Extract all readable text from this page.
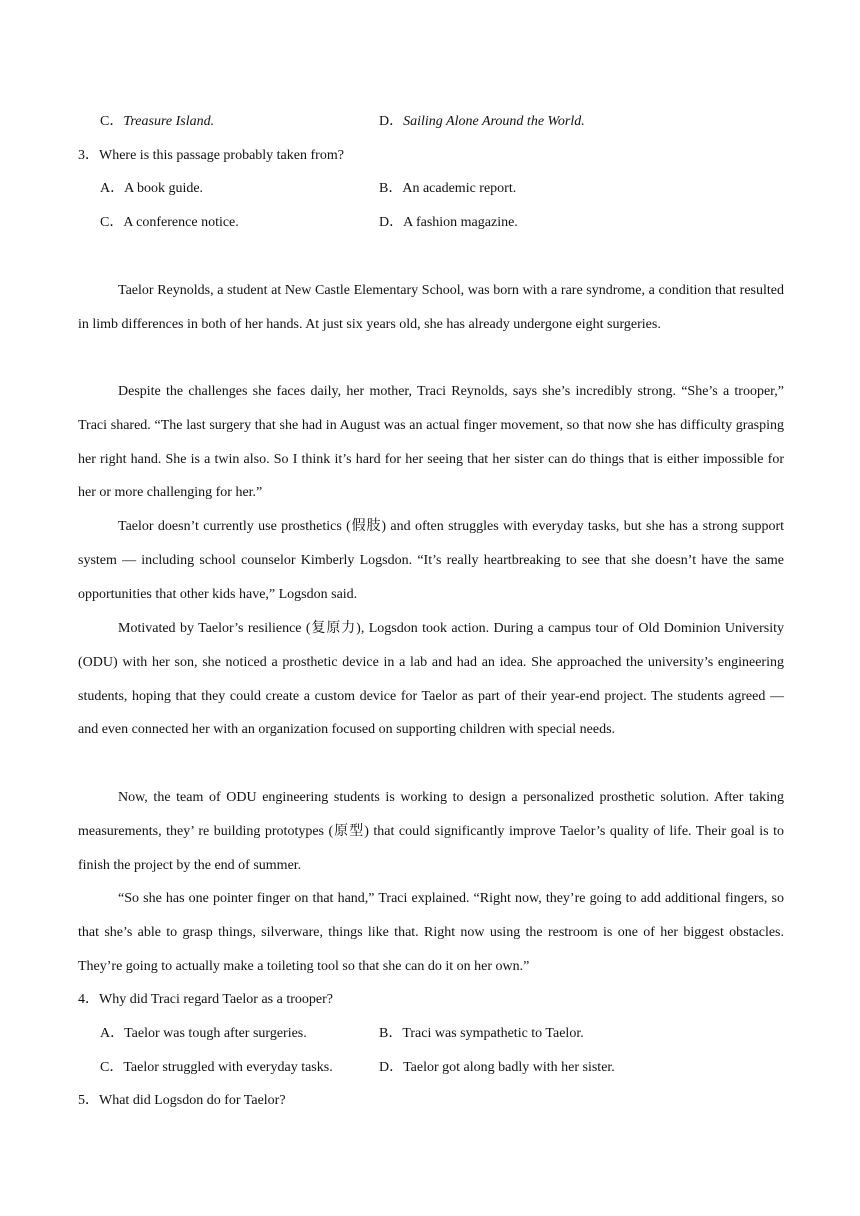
C．Treasure Island.	D．Sailing Alone Around the World.
3．Where is this passage probably taken from?
A．A book guide.	B．An academic report.
C．A conference notice.	D．A fashion magazine.

Taelor Reynolds, a student at New Castle Elementary School, was born with a rare syndrome, a condition that resulted in limb differences in both of her hands. At just six years old, she has already undergone eight surgeries.

Despite the challenges she faces daily, her mother, Traci Reynolds, says she’s incredibly strong. “She’s a trooper,” Traci shared. “The last surgery that she had in August was an actual finger movement, so that now she has difficulty grasping her right hand. She is a twin also. So I think it’s hard for her seeing that her sister can do things that is either impossible for her or more challenging for her.”

Taelor doesn’t currently use prosthetics (假肢) and often struggles with everyday tasks, but she has a strong support system — including school counselor Kimberly Logsdon. “It’s really heartbreaking to see that she doesn’t have the same opportunities that other kids have,” Logsdon said.

Motivated by Taelor’s resilience (复原力), Logsdon took action. During a campus tour of Old Dominion University (ODU) with her son, she noticed a prosthetic device in a lab and had an idea. She approached the university’s engineering students, hoping that they could create a custom device for Taelor as part of their year-end project. The students agreed — and even connected her with an organization focused on supporting children with special needs.

Now, the team of ODU engineering students is working to design a personalized prosthetic solution. After taking measurements, they’ re building prototypes (原型) that could significantly improve Taelor’s quality of life. Their goal is to finish the project by the end of summer.

“So she has one pointer finger on that hand,” Traci explained. “Right now, they’re going to add additional fingers, so that she’s able to grasp things, silverware, things like that. Right now using the restroom is one of her biggest obstacles. They’re going to actually make a toileting tool so that she can do it on her own.”

4．Why did Traci regard Taelor as a trooper?
A．Taelor was tough after surgeries.	B．Traci was sympathetic to Taelor.
C．Taelor struggled with everyday tasks.	D．Taelor got along badly with her sister.
5．What did Logsdon do for Taelor?
